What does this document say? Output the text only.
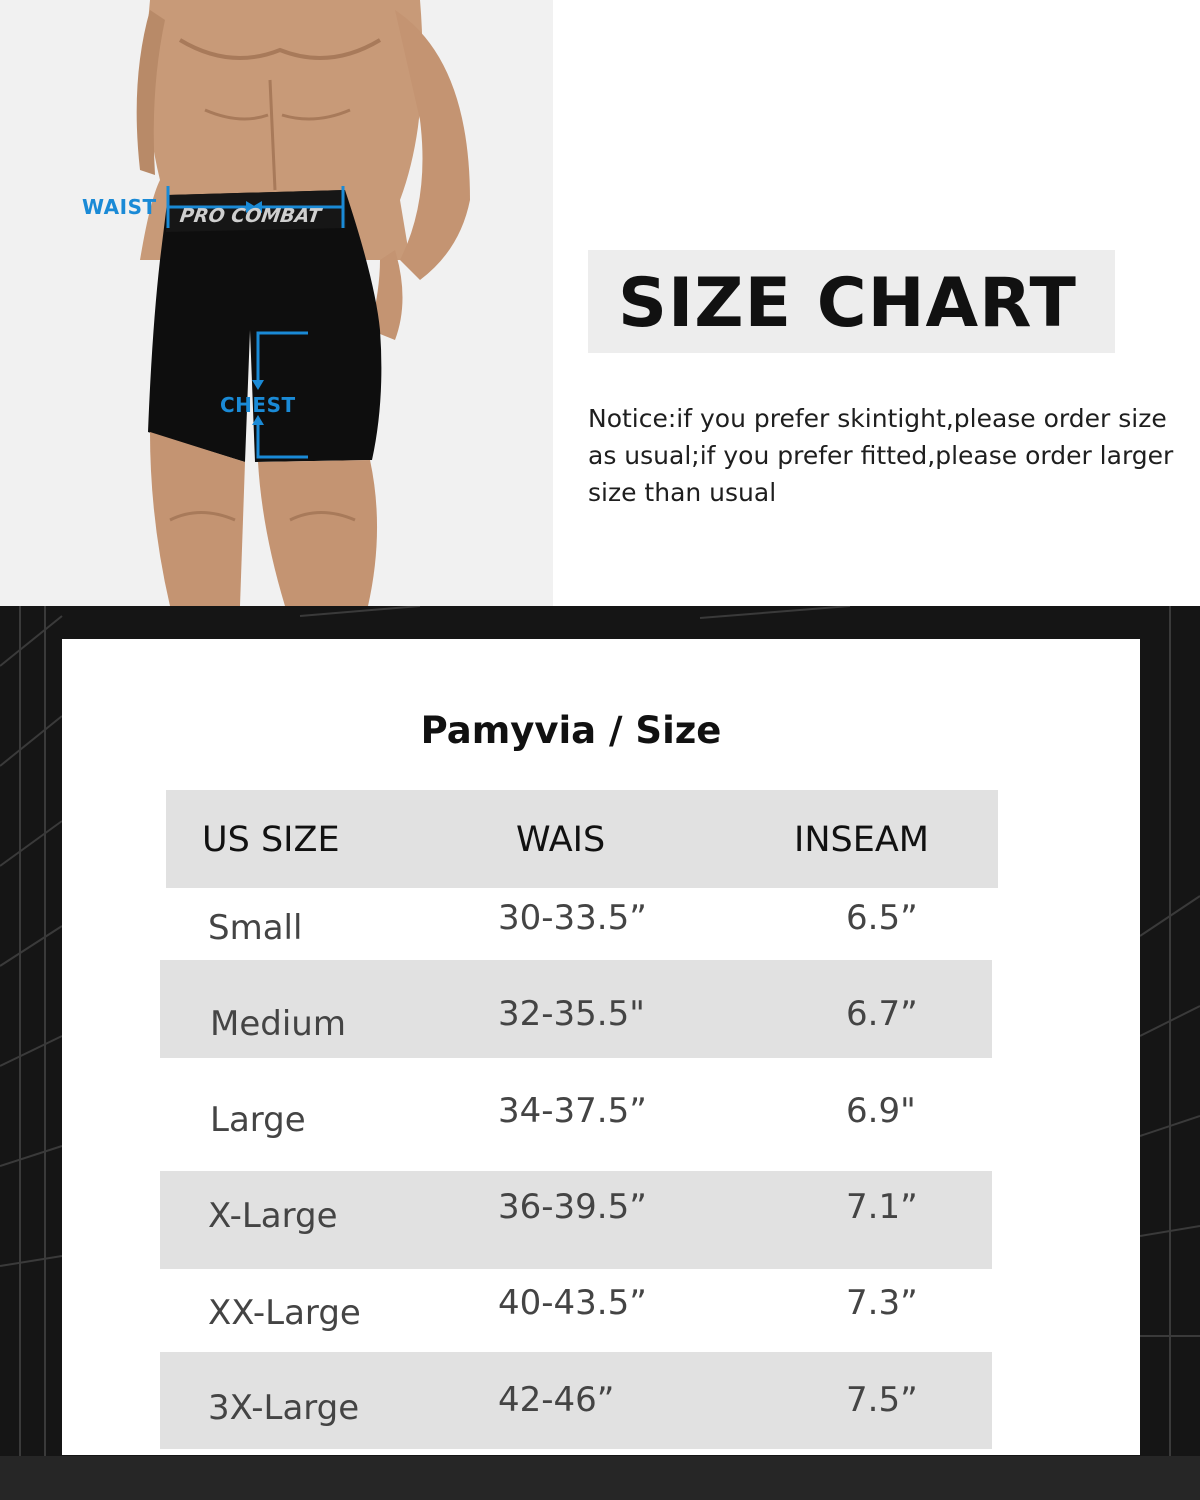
PRO COMBAT
WAIST
CHEST
SIZE CHART
Notice:if you prefer skintight,please order size as usual;if you prefer fitted,please order larger size than usual
Pamyvia / Size
US SIZE	WAIS	INSEAM
Small	30-33.5”	6.5”
Medium	32-35.5"	6.7”
Large	34-37.5”	6.9"
X-Large	36-39.5”	7.1”
XX-Large	40-43.5”	7.3”
3X-Large	42-46”	7.5”
